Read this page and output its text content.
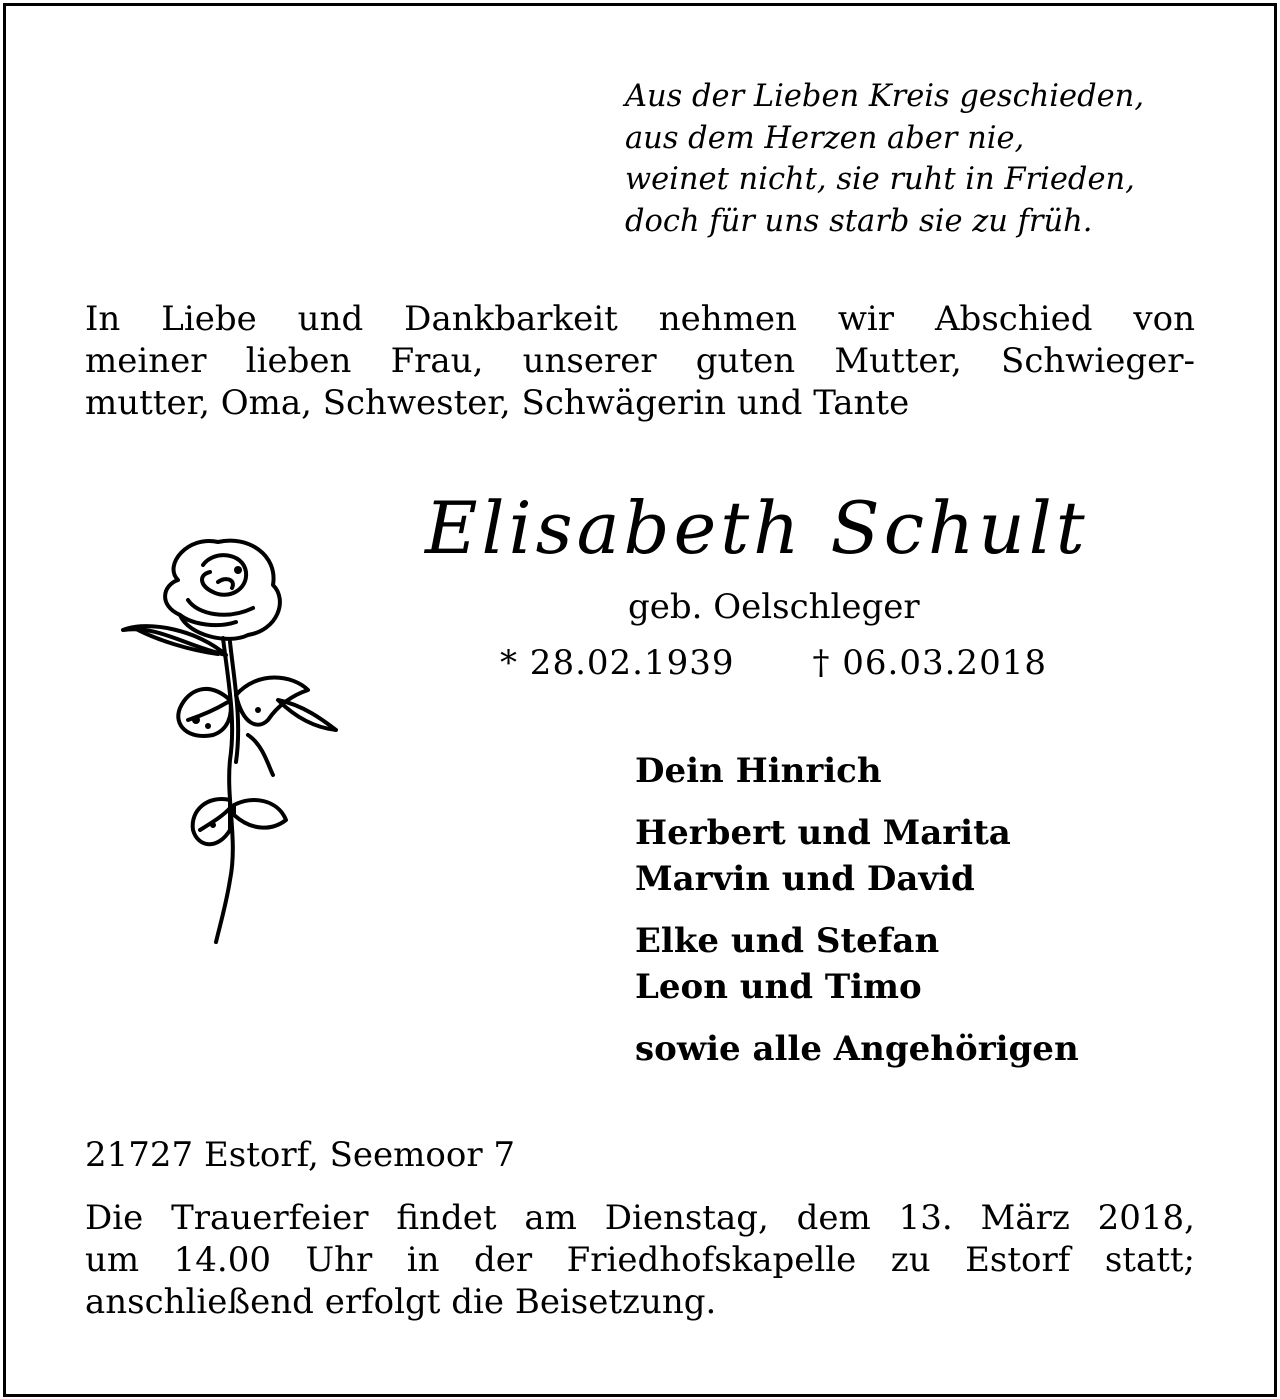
Aus der Lieben Kreis geschieden,
aus dem Herzen aber nie,
weinet nicht, sie ruht in Frieden,
doch für uns starb sie zu früh.
In Liebe und Dankbarkeit nehmen wir Abschied von
meiner lieben Frau, unserer guten Mutter, Schwieger-
mutter, Oma, Schwester, Schwägerin und Tante
Elisabeth Schult
geb. Oelschleger
* 28.02.1939 † 06.03.2018
Dein Hinrich
Herbert und Marita
Marvin und David
Elke und Stefan
Leon und Timo
sowie alle Angehörigen
21727 Estorf, Seemoor 7
Die Trauerfeier findet am Dienstag, dem 13. März 2018,
um 14.00 Uhr in der Friedhofskapelle zu Estorf statt;
anschließend erfolgt die Beisetzung.
